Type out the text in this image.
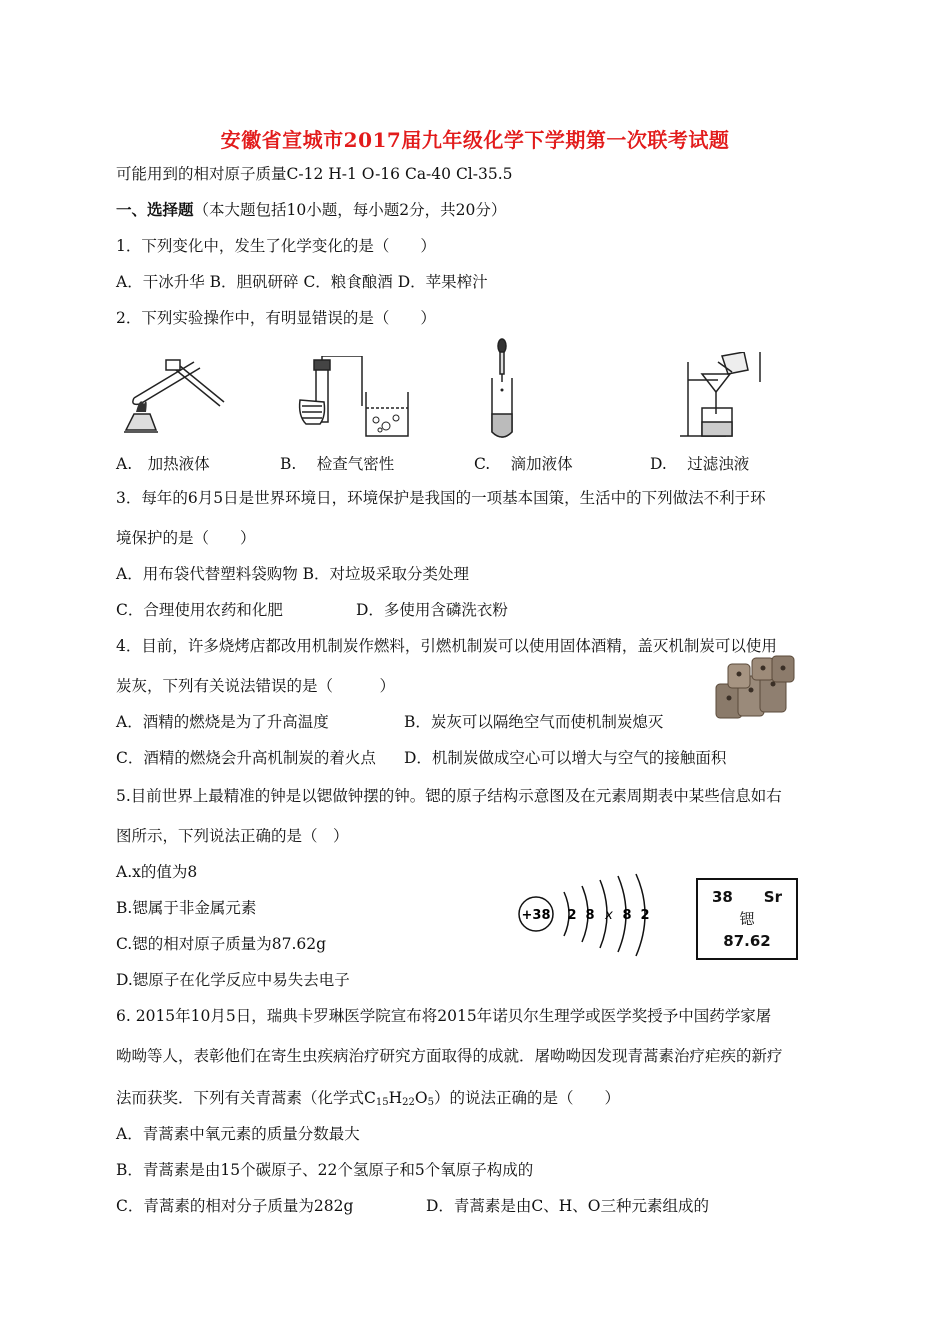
安徽省宣城市2017届九年级化学下学期第一次联考试题
可能用到的相对原子质量C-12 H-1 O-16 Ca-40 Cl-35.5
一、选择题（本大题包括10小题，每小题2分，共20分）
1．下列变化中，发生了化学变化的是（　　）
A．干冰升华 B．胆矾研碎 C．粮食酿酒 D．苹果榨汁
2．下列实验操作中，有明显错误的是（　　）
A.　加热液体	B.　 检查气密性	C.　 滴加液体	D.　 过滤浊液
3．每年的6月5日是世界环境日，环境保护是我国的一项基本国策，生活中的下列做法不利于环
境保护的是（　　）
A．用布袋代替塑料袋购物 B．对垃圾采取分类处理
C．合理使用农药和化肥	D．多使用含磷洗衣粉
4．目前，许多烧烤店都改用机制炭作燃料，引燃机制炭可以使用固体酒精，盖灭机制炭可以使用
炭灰，下列有关说法错误的是（　　　）
A．酒精的燃烧是为了升高温度	B．炭灰可以隔绝空气而使机制炭熄灭
C．酒精的燃烧会升高机制炭的着火点 D．机制炭做成空心可以增大与空气的接触面积
5.目前世界上最精准的钟是以锶做钟摆的钟。锶的原子结构示意图及在元素周期表中某些信息如右
图所示，下列说法正确的是（　）
A.x的值为8
B.锶属于非金属元素
C.锶的相对原子质量为87.62g
D.锶原子在化学反应中易失去电子
+38 2 8 x 8 2
38 Sr
锶
87.62
6. 2015年10月5日，瑞典卡罗琳医学院宣布将2015年诺贝尔生理学或医学奖授予中国药学家屠
呦呦等人，表彰他们在寄生虫疾病治疗研究方面取得的成就．屠呦呦因发现青蒿素治疗疟疾的新疗
法而获奖．下列有关青蒿素（化学式$C_{15}H_{22}O_5$）的说法正确的是（　　）
A．青蒿素中氧元素的质量分数最大
B．青蒿素是由15个碳原子、22个氢原子和5个氧原子构成的
C．青蒿素的相对分子质量为282g	D．青蒿素是由C、H、O三种元素组成的
